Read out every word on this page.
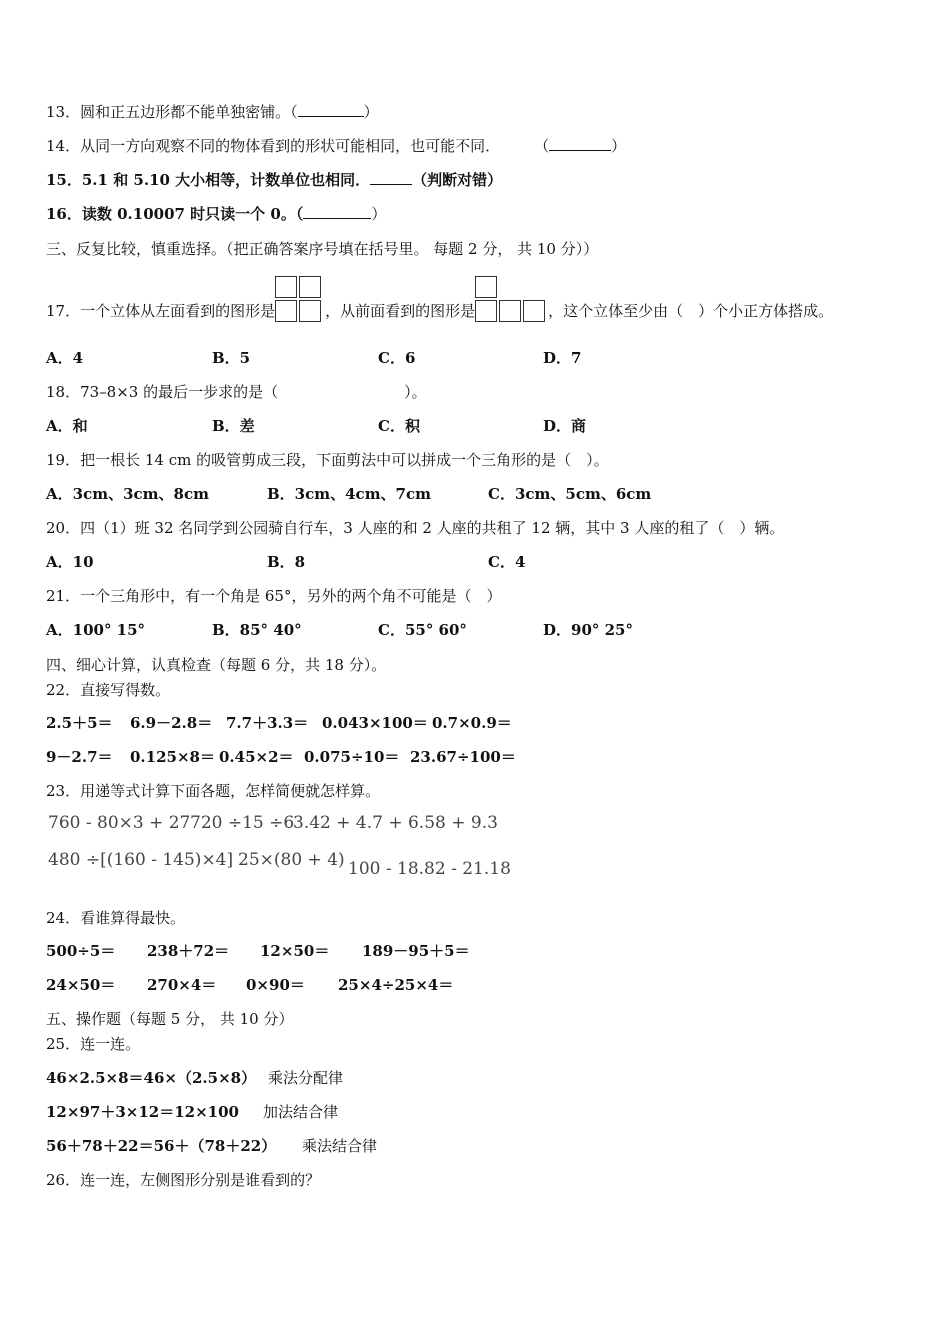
13．圆和正五边形都不能单独密铺。（	）
14．从同一方向观察不同的物体看到的形状可能相同，也可能不同． （	）
15．5.1 和 5.10 大小相等，计数单位也相同．	（判断对错）
16．读数 0.10007 时只读一个 0。（	）
三、反复比较，慎重选择。（把正确答案序号填在括号里。 每题 2 分， 共 10 分））
17．一个立体从左面看到的图形是	，从前面看到的图形是	，这个立体至少由（　）个小正方体搭成。
A．4	B．5	C．6	D．7
18．73–8×3 的最后一步求的是（	）。
A．和	B．差	C．积	D．商
19．把一根长 14 cm 的吸管剪成三段，下面剪法中可以拼成一个三角形的是（　）。
A．3cm、3cm、8cm	B．3cm、4cm、7cm	C．3cm、5cm、6cm
20．四（1）班 32 名同学到公园骑自行车，3 人座的和 2 人座的共租了 12 辆，其中 3 人座的租了（　）辆。
A．10	B．8	C．4
21．一个三角形中，有一个角是 65°，另外的两个角不可能是（　）
A．100° 15°	B．85° 40°	C．55° 60°	D．90° 25°
四、细心计算，认真检查（每题 6 分，共 18 分）。
22．直接写得数。
2.5＋5＝ 6.9－2.8＝ 7.7＋3.3＝ 0.043×100＝ 0.7×0.9＝
9－2.7＝ 0.125×8＝ 0.45×2＝ 0.075÷10＝ 23.67÷100＝
23．用递等式计算下面各题，怎样简便就怎样算。
760 - 80×3 + 27 720 ÷15 ÷6
3.42 + 4.7 + 6.58 + 9.3
480 ÷[(160 - 145)×4] 25×(80 + 4) 100 - 18.82 - 21.18
24．看谁算得最快。
500÷5＝ 238＋72＝ 12×50＝ 189－95＋5＝
24×50＝ 270×4＝ 0×90＝ 25×4÷25×4＝
五、操作题（每题 5 分， 共 10 分）
25．连一连。
46×2.5×8＝46×（2.5×8） 乘法分配律
12×97＋3×12＝12×100 加法结合律
56＋78＋22＝56＋（78＋22） 乘法结合律
26．连一连，左侧图形分别是谁看到的？
